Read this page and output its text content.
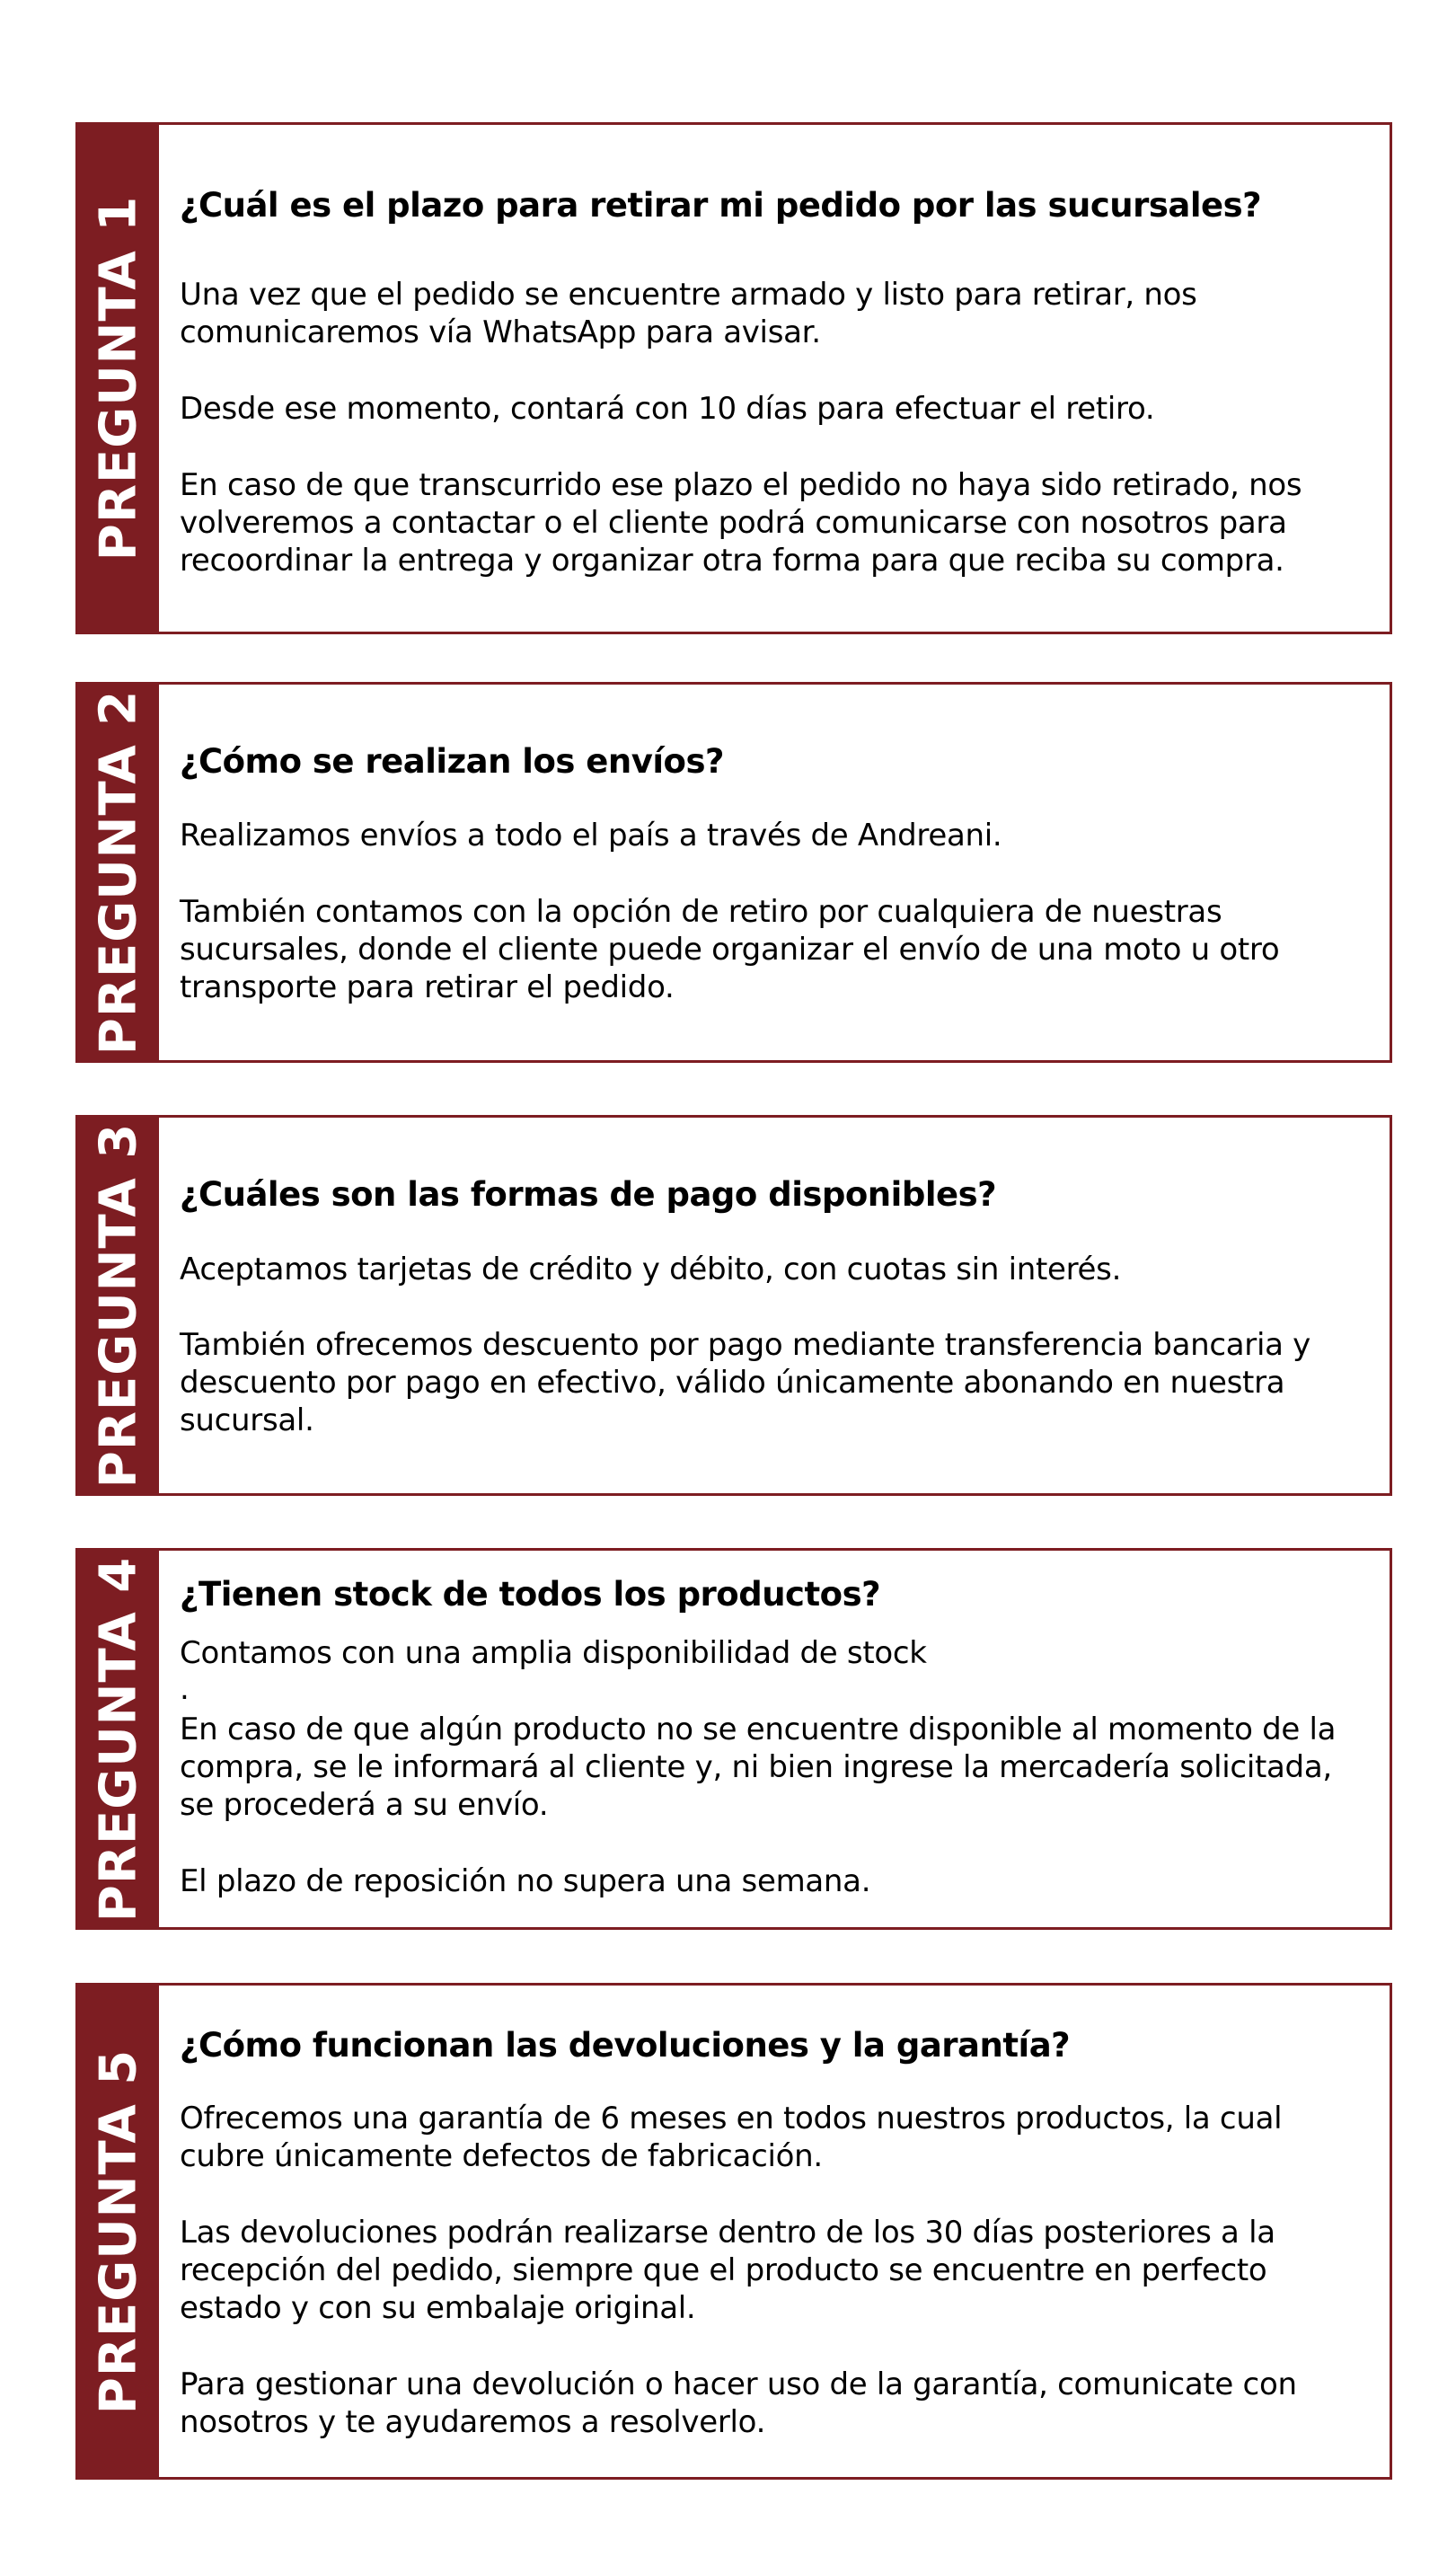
PREGUNTA 1 ¿Cuál es el plazo para retirar mi pedido por las sucursales?

Una vez que el pedido se encuentre armado y listo para retirar, nos comunicaremos vía WhatsApp para avisar.

Desde ese momento, contará con 10 días para efectuar el retiro.

En caso de que transcurrido ese plazo el pedido no haya sido retirado, nos volveremos a contactar o el cliente podrá comunicarse con nosotros para recoordinar la entrega y organizar otra forma para que reciba su compra.

PREGUNTA 2 ¿Cómo se realizan los envíos?

Realizamos envíos a todo el país a través de Andreani.

También contamos con la opción de retiro por cualquiera de nuestras sucursales, donde el cliente puede organizar el envío de una moto u otro transporte para retirar el pedido.

PREGUNTA 3 ¿Cuáles son las formas de pago disponibles?

Aceptamos tarjetas de crédito y débito, con cuotas sin interés.

También ofrecemos descuento por pago mediante transferencia bancaria y descuento por pago en efectivo, válido únicamente abonando en nuestra sucursal.

PREGUNTA 4 ¿Tienen stock de todos los productos?

Contamos con una amplia disponibilidad de stock

.

En caso de que algún producto no se encuentre disponible al momento de la compra, se le informará al cliente y, ni bien ingrese la mercadería solicitada, se procederá a su envío.

El plazo de reposición no supera una semana.

PREGUNTA 5
¿Cómo funcionan las devoluciones y la garantía?

Ofrecemos una garantía de 6 meses en todos nuestros productos, la cual cubre únicamente defectos de fabricación.

Las devoluciones podrán realizarse dentro de los 30 días posteriores a la recepción del pedido, siempre que el producto se encuentre en perfecto estado y con su embalaje original.

Para gestionar una devolución o hacer uso de la garantía, comunicate con nosotros y te ayudaremos a resolverlo.
